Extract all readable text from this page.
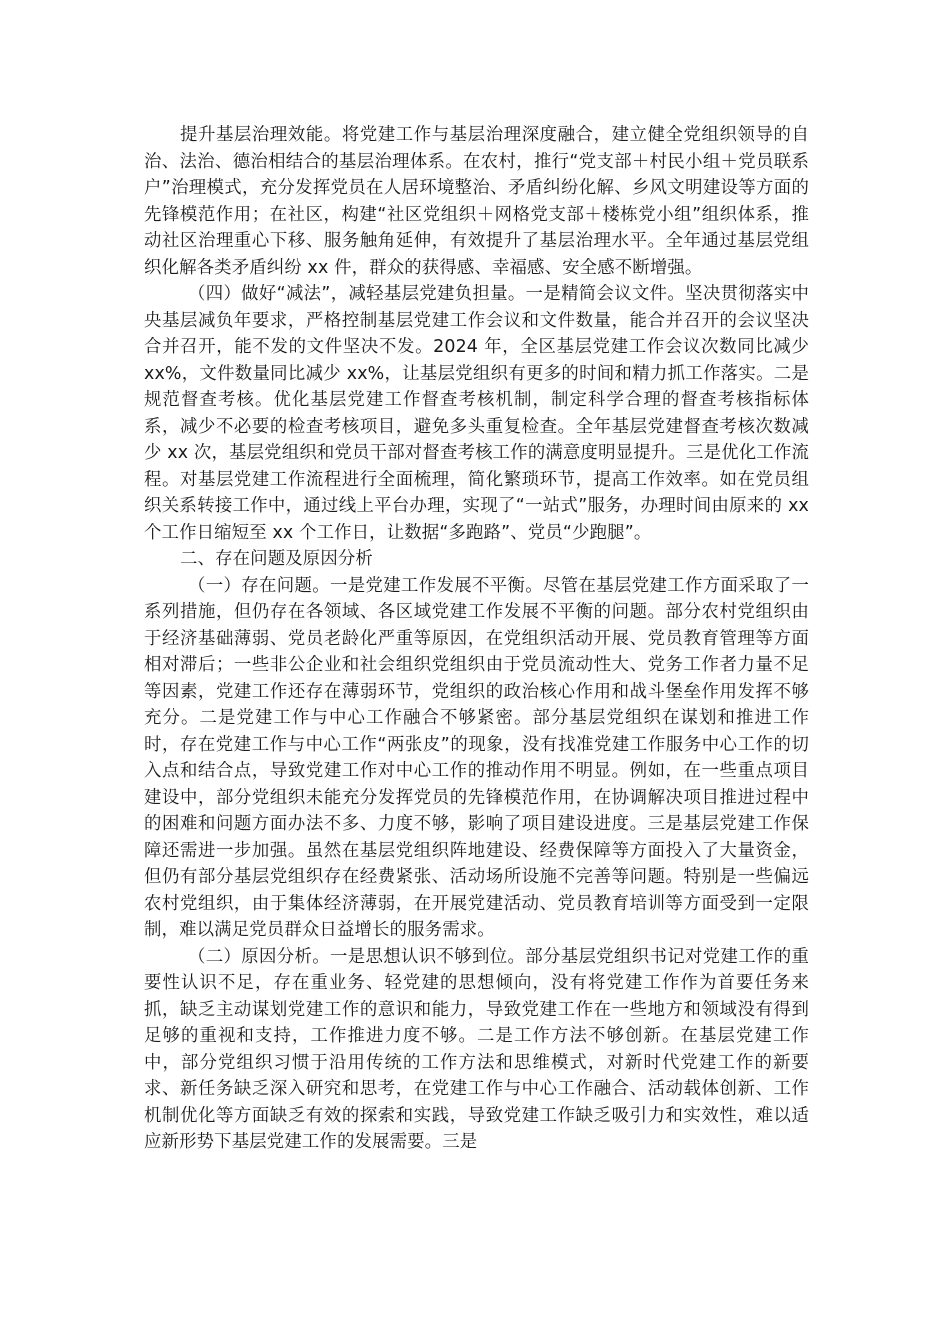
提升基层治理效能。将党建工作与基层治理深度融合，建立健全党组织领导的自治、法治、德治相结合的基层治理体系。在农村，推行“党支部＋村民小组＋党员联系户”治理模式，充分发挥党员在人居环境整治、矛盾纠纷化解、乡风文明建设等方面的先锋模范作用；在社区，构建“社区党组织＋网格党支部＋楼栋党小组”组织体系，推动社区治理重心下移、服务触角延伸，有效提升了基层治理水平。全年通过基层党组织化解各类矛盾纠纷 xx 件，群众的获得感、幸福感、安全感不断增强。

（四）做好“减法”，减轻基层党建负担量。一是精简会议文件。坚决贯彻落实中央基层减负年要求，严格控制基层党建工作会议和文件数量，能合并召开的会议坚决合并召开，能不发的文件坚决不发。2024 年，全区基层党建工作会议次数同比减少 xx%，文件数量同比减少 xx%，让基层党组织有更多的时间和精力抓工作落实。二是规范督查考核。优化基层党建工作督查考核机制，制定科学合理的督查考核指标体系，减少不必要的检查考核项目，避免多头重复检查。全年基层党建督查考核次数减少 xx 次，基层党组织和党员干部对督查考核工作的满意度明显提升。三是优化工作流程。对基层党建工作流程进行全面梳理，简化繁琐环节，提高工作效率。如在党员组织关系转接工作中，通过线上平台办理，实现了“一站式”服务，办理时间由原来的 xx 个工作日缩短至 xx 个工作日，让数据“多跑路”、党员“少跑腿”。

二、存在问题及原因分析

（一）存在问题。一是党建工作发展不平衡。尽管在基层党建工作方面采取了一系列措施，但仍存在各领域、各区域党建工作发展不平衡的问题。部分农村党组织由于经济基础薄弱、党员老龄化严重等原因，在党组织活动开展、党员教育管理等方面相对滞后；一些非公企业和社会组织党组织由于党员流动性大、党务工作者力量不足等因素，党建工作还存在薄弱环节，党组织的政治核心作用和战斗堡垒作用发挥不够充分。二是党建工作与中心工作融合不够紧密。部分基层党组织在谋划和推进工作时，存在党建工作与中心工作“两张皮”的现象，没有找准党建工作服务中心工作的切入点和结合点，导致党建工作对中心工作的推动作用不明显。例如，在一些重点项目建设中，部分党组织未能充分发挥党员的先锋模范作用，在协调解决项目推进过程中的困难和问题方面办法不多、力度不够，影响了项目建设进度。三是基层党建工作保障还需进一步加强。虽然在基层党组织阵地建设、经费保障等方面投入了大量资金，但仍有部分基层党组织存在经费紧张、活动场所设施不完善等问题。特别是一些偏远农村党组织，由于集体经济薄弱，在开展党建活动、党员教育培训等方面受到一定限制，难以满足党员群众日益增长的服务需求。

（二）原因分析。一是思想认识不够到位。部分基层党组织书记对党建工作的重要性认识不足，存在重业务、轻党建的思想倾向，没有将党建工作作为首要任务来抓，缺乏主动谋划党建工作的意识和能力，导致党建工作在一些地方和领域没有得到足够的重视和支持，工作推进力度不够。二是工作方法不够创新。在基层党建工作中，部分党组织习惯于沿用传统的工作方法和思维模式，对新时代党建工作的新要求、新任务缺乏深入研究和思考，在党建工作与中心工作融合、活动载体创新、工作机制优化等方面缺乏有效的探索和实践，导致党建工作缺乏吸引力和实效性，难以适应新形势下基层党建工作的发展需要。三是
